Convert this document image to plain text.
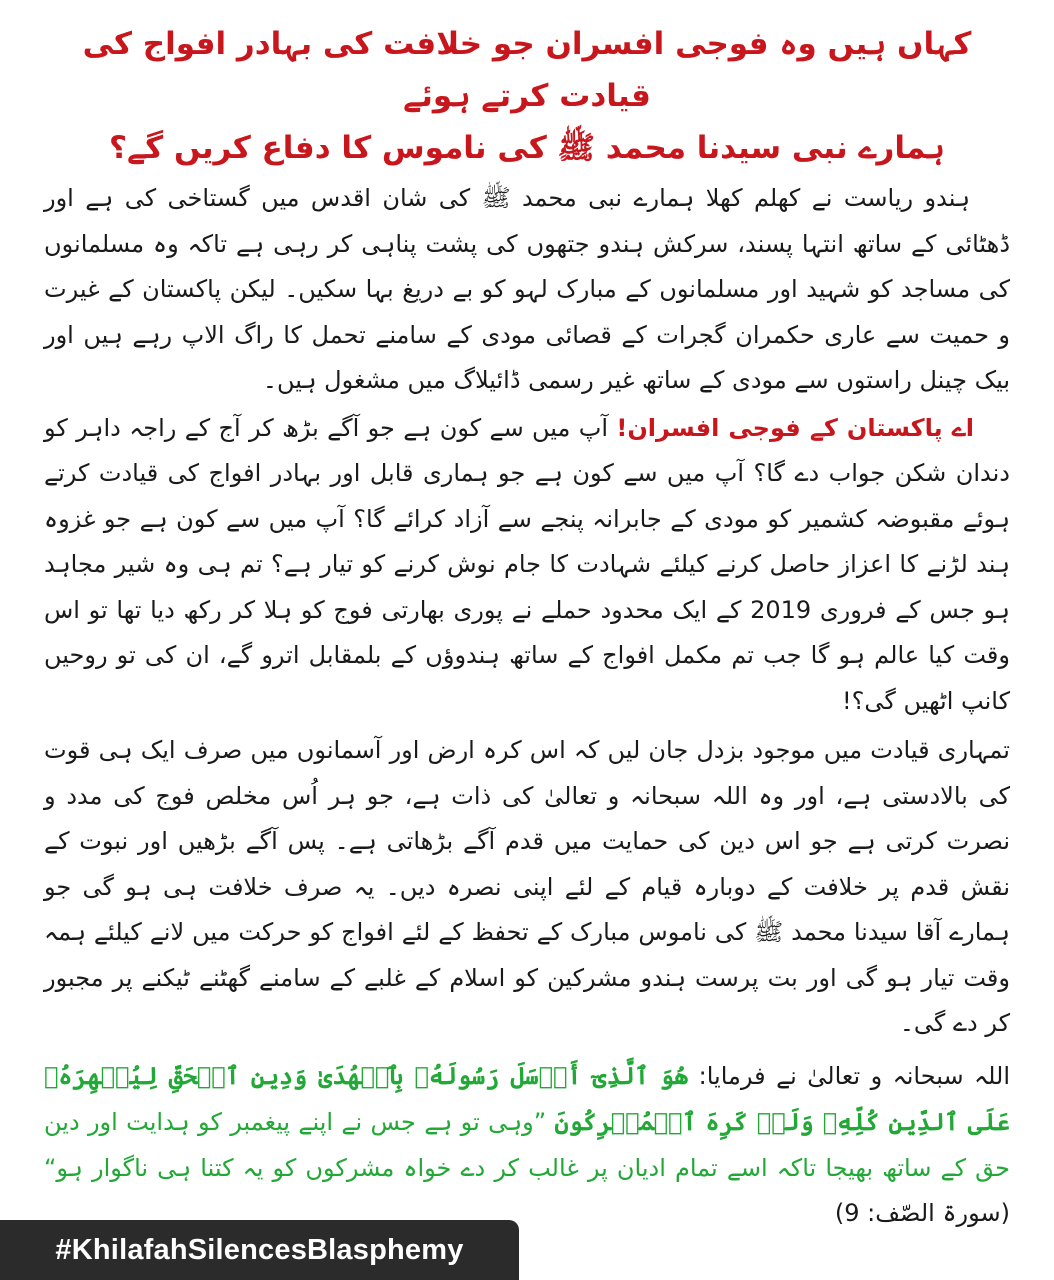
کہاں ہیں وہ فوجی افسران جو خلافت کی بہادر افواج کی قیادت کرتے ہوئے
ہمارے نبی سیدنا محمد ﷺ کی ناموس کا دفاع کریں گے؟

ہندو ریاست نے کھلم کھلا ہمارے نبی محمد ﷺ کی شان اقدس میں گستاخی کی ہے اور ڈھٹائی کے ساتھ انتہا پسند، سرکش ہندو جتھوں کی پشت پناہی کر رہی ہے تاکہ وہ مسلمانوں کی مساجد کو شہید اور مسلمانوں کے مبارک لہو کو بے دریغ بہا سکیں۔ لیکن پاکستان کے غیرت و حمیت سے عاری حکمران گجرات کے قصائی مودی کے سامنے تحمل کا راگ الاپ رہے ہیں اور بیک چینل راستوں سے مودی کے ساتھ غیر رسمی ڈائیلاگ میں مشغول ہیں۔

اے پاکستان کے فوجی افسران! آپ میں سے کون ہے جو آگے بڑھ کر آج کے راجہ داہر کو دندان شکن جواب دے گا؟ آپ میں سے کون ہے جو ہماری قابل اور بہادر افواج کی قیادت کرتے ہوئے مقبوضہ کشمیر کو مودی کے جابرانہ پنجے سے آزاد کرائے گا؟ آپ میں سے کون ہے جو غزوہ ہند لڑنے کا اعزاز حاصل کرنے کیلئے شہادت کا جام نوش کرنے کو تیار ہے؟ تم ہی وہ شیر مجاہد ہو جس کے فروری 2019 کے ایک محدود حملے نے پوری بھارتی فوج کو ہلا کر رکھ دیا تھا تو اس وقت کیا عالم ہو گا جب تم مکمل افواج کے ساتھ ہندوؤں کے بلمقابل اترو گے، ان کی تو روحیں کانپ اٹھیں گی؟!

تمہاری قیادت میں موجود بزدل جان لیں کہ اس کرہ ارض اور آسمانوں میں صرف ایک ہی قوت کی بالادستی ہے، اور وہ اللہ سبحانہ و تعالیٰ کی ذات ہے، جو ہر اُس مخلص فوج کی مدد و نصرت کرتی ہے جو اس دین کی حمایت میں قدم آگے بڑھاتی ہے۔ پس آگے بڑھیں اور نبوت کے نقش قدم پر خلافت کے دوبارہ قیام کے لئے اپنی نصرہ دیں۔ یہ صرف خلافت ہی ہو گی جو ہمارے آقا سیدنا محمد ﷺ کی ناموس مبارک کے تحفظ کے لئے افواج کو حرکت میں لانے کیلئے ہمہ وقت تیار ہو گی اور بت پرست ہندو مشرکین کو اسلام کے غلبے کے سامنے گھٹنے ٹیکنے پر مجبور کر دے گی۔

اللہ سبحانہ و تعالیٰ نے فرمایا: هُوَ ٱلَّذِىٓ أَرۡسَلَ رَسُولَهُۥ بِٱلۡهُدَىٰ وَدِينِ ٱلۡحَقِّ لِيُظۡهِرَهُۥ عَلَى ٱلدِّينِ كُلِّهِۦ وَلَوۡ كَرِهَ ٱلۡمُشۡرِكُونَ ”وہی تو ہے جس نے اپنے پیغمبر کو ہدایت اور دین حق کے ساتھ بھیجا تاکہ اسے تمام ادیان پر غالب کر دے خواہ مشرکوں کو یہ کتنا ہی ناگوار ہو“ (سورۃ الصّف: 9)

#KhilafahSilencesBlasphemy
